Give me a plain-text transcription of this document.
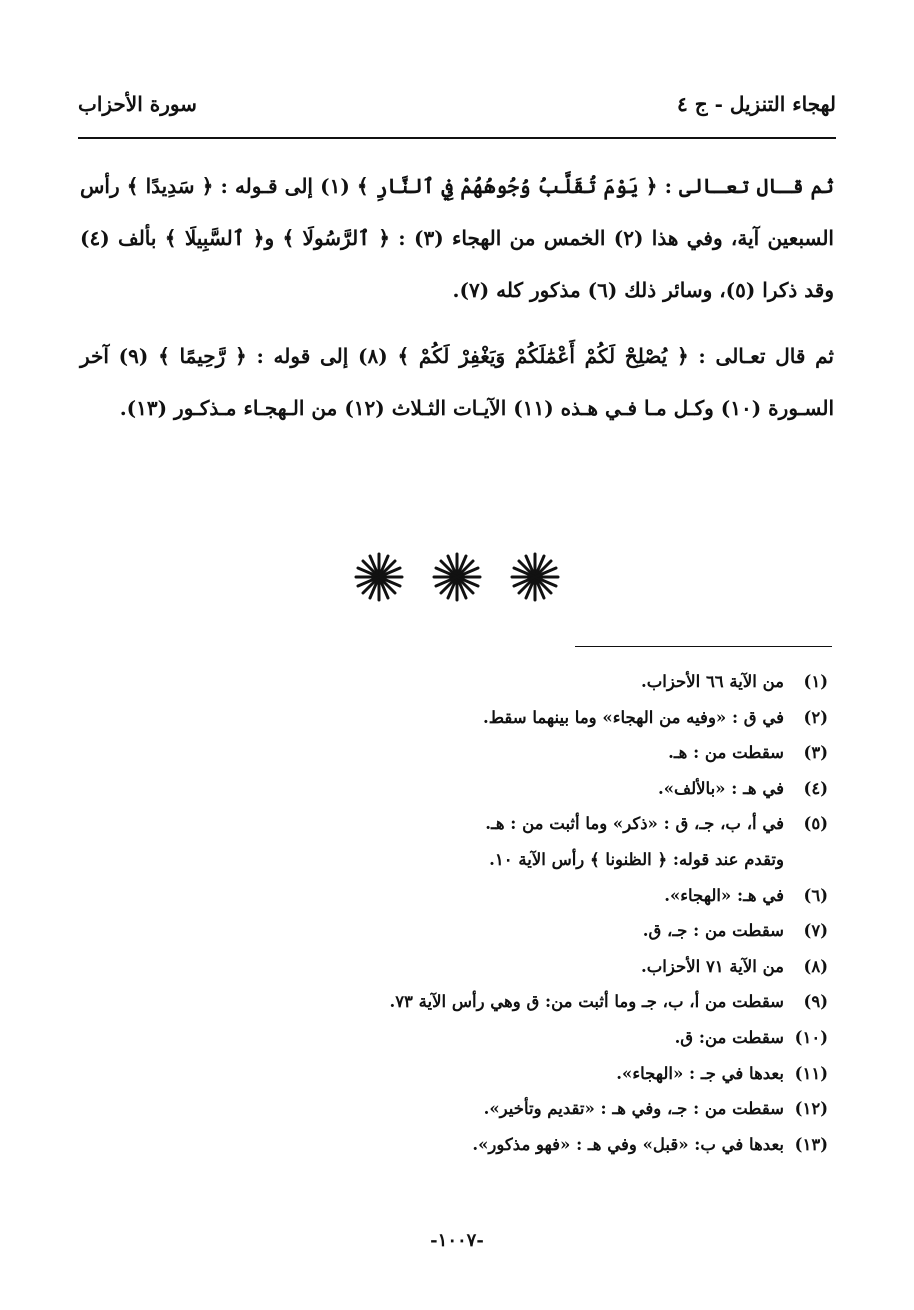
لهجاء التنزيل - ج ٤
سورة الأحزاب

ثم قـال تعـالى : ﴿ يَوْمَ تُقَلَّبُ وُجُوهُهُمْ فِي ٱلنَّارِ ﴾ (١) إلى قـوله : ﴿ سَدِيدًا ﴾ رأس السبعين آية، وفي هذا (٢) الخمس من الهجاء (٣) : ﴿ ٱلرَّسُولَا ﴾ و﴿ ٱلسَّبِيلَا ﴾ بألف (٤) وقد ذكرا (٥)، وسائر ذلك (٦) مذكور كله (٧).

ثم قال تعـالى : ﴿ يُصْلِحْ لَكُمْ أَعْمَٰلَكُمْ وَيَغْفِرْ لَكُمْ ﴾ (٨) إلى قوله : ﴿ رَّحِيمًا ﴾ (٩) آخر السـورة (١٠) وكـل مـا فـي هـذه (١١) الآيـات الثـلاث (١٢) من الـهجـاء مـذكـور (١٣).

(١)من الآية ٦٦ الأحزاب.
(٢)في ق : «وفيه من الهجاء» وما بينهما سقط.
(٣)سقطت من : هـ.
(٤)في هـ : «بالألف».
(٥)في أ، ب، جـ، ق : «ذكر» وما أثبت من : هـ.
وتقدم عند قوله: ﴿ الظنونا ﴾ رأس الآية ١٠.
(٦)في هـ: «الهجاء».
(٧)سقطت من : جـ، ق.
(٨)من الآية ٧١ الأحزاب.
(٩)سقطت من أ، ب، جـ وما أثبت من: ق وهي رأس الآية ٧٣.
(١٠)سقطت من: ق.
(١١)بعدها في جـ : «الهجاء».
(١٢)سقطت من : جـ، وفي هـ : «تقديم وتأخير».
(١٣)بعدها في ب: «قبل» وفي هـ : «فهو مذكور».
-١٠٠٧-
